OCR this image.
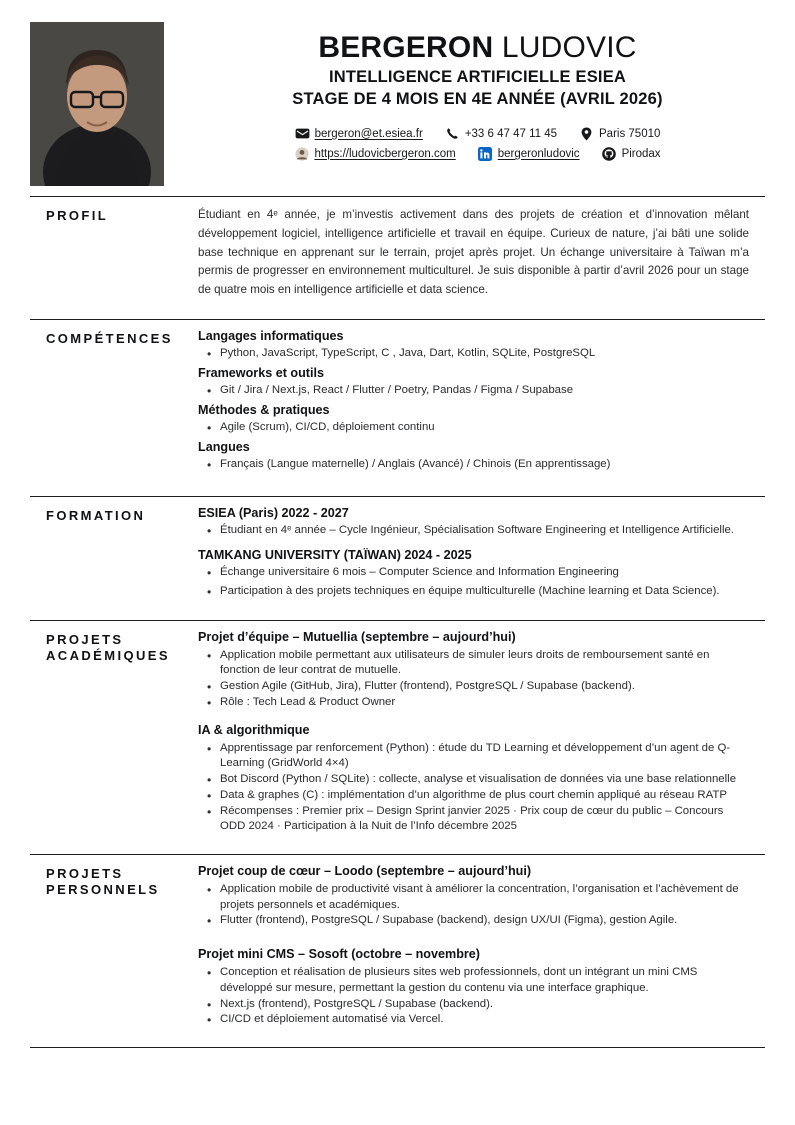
BERGERON LUDOVIC
INTELLIGENCE ARTIFICIELLE ESIEA
STAGE DE 4 MOIS EN 4E ANNÉE (AVRIL 2026)
bergeron@et.esiea.fr	+33 6 47 47 11 45	Paris 75010
https://ludovicbergeron.com	bergeronludovic	Pirodax
PROFIL	Étudiant en 4ᵉ année, je m’investis activement dans des projets de création et d’innovation mêlant développement logiciel, intelligence artificielle et travail en équipe. Curieux de nature, j’ai bâti une solide base technique en apprenant sur le terrain, projet après projet. Un échange universitaire à Taïwan m’a permis de progresser en environnement multiculturel. Je suis disponible à partir d’avril 2026 pour un stage de quatre mois en intelligence artificielle et data science.
COMPÉTENCES	Langages informatiques
• Python, JavaScript, TypeScript, C , Java, Dart, Kotlin, SQLite, PostgreSQL
Frameworks et outils
• Git / Jira / Next.js, React / Flutter / Poetry, Pandas / Figma / Supabase
Méthodes & pratiques
• Agile (Scrum), CI/CD, déploiement continu
Langues
• Français (Langue maternelle) / Anglais (Avancé) / Chinois (En apprentissage)
FORMATION	ESIEA (Paris) 2022 - 2027
• Étudiant en 4ᵉ année – Cycle Ingénieur, Spécialisation Software Engineering et Intelligence Artificielle.
TAMKANG UNIVERSITY (TAÏWAN) 2024 - 2025
• Échange universitaire 6 mois – Computer Science and Information Engineering
• Participation à des projets techniques en équipe multiculturelle (Machine learning et Data Science).
PROJETS
ACADÉMIQUES
Projet d’équipe – Mutuellia (septembre – aujourd’hui)
• Application mobile permettant aux utilisateurs de simuler leurs droits de remboursement santé en fonction de leur contrat de mutuelle.
• Gestion Agile (GitHub, Jira), Flutter (frontend), PostgreSQL / Supabase (backend).
• Rôle : Tech Lead & Product Owner
IA & algorithmique
• Apprentissage par renforcement (Python) : étude du TD Learning et développement d’un agent de Q-Learning (GridWorld 4×4)
• Bot Discord (Python / SQLite) : collecte, analyse et visualisation de données via une base relationnelle
• Data & graphes (C) : implémentation d’un algorithme de plus court chemin appliqué au réseau RATP
• Récompenses : Premier prix – Design Sprint janvier 2025 · Prix coup de cœur du public – Concours ODD 2024 · Participation à la Nuit de l’Info décembre 2025
PROJETS
PERSONNELS
Projet coup de cœur – Loodo (septembre – aujourd’hui)
• Application mobile de productivité visant à améliorer la concentration, l’organisation et l’achèvement de projets personnels et académiques.
• Flutter (frontend), PostgreSQL / Supabase (backend), design UX/UI (Figma), gestion Agile.
Projet mini CMS – Sosoft (octobre – novembre)
• Conception et réalisation de plusieurs sites web professionnels, dont un intégrant un mini CMS développé sur mesure, permettant la gestion du contenu via une interface graphique.
• Next.js (frontend), PostgreSQL / Supabase (backend).
• CI/CD et déploiement automatisé via Vercel.
